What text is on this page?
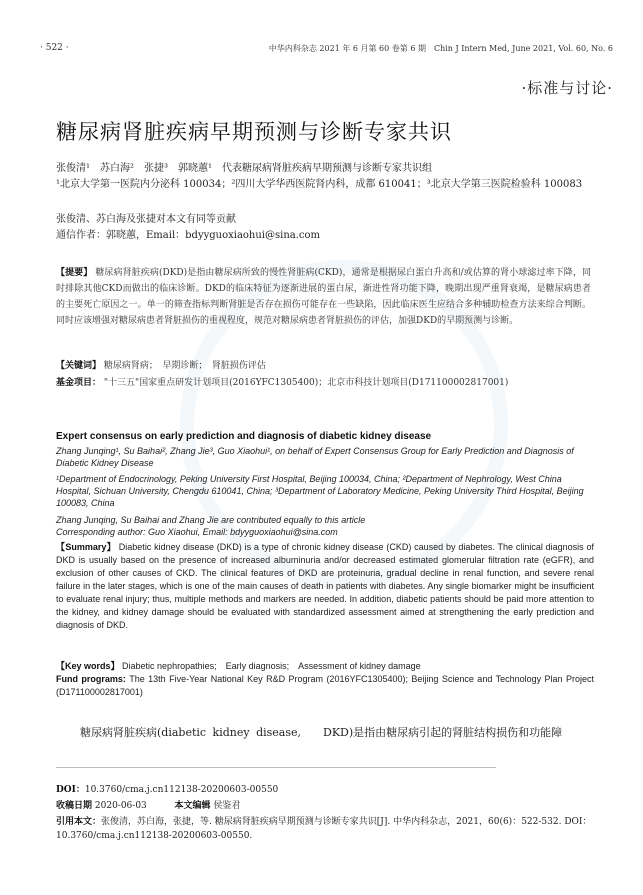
· 522 ·	中华内科杂志 2021 年 6 月第 60 卷第 6 期　Chin J Intern Med, June 2021, Vol. 60, No. 6
·标准与讨论·
糖尿病肾脏疾病早期预测与诊断专家共识
张俊清¹　苏白海²　张捷³　郭晓蕙¹　代表糖尿病肾脏疾病早期预测与诊断专家共识组
¹北京大学第一医院内分泌科 100034；²四川大学华西医院肾内科，成都 610041；³北京大学第三医院检验科 100083
张俊清、苏白海及张捷对本文有同等贡献
通信作者：郭晓蕙，Email：bdyyguoxiaohui@sina.com
【提要】 糖尿病肾脏疾病(DKD)是指由糖尿病所致的慢性肾脏病(CKD)，通常是根据尿白蛋白升高和/或估算的肾小球滤过率下降，同时排除其他CKD而做出的临床诊断。DKD的临床特征为逐渐进展的蛋白尿，渐进性肾功能下降，晚期出现严重肾衰竭，是糖尿病患者的主要死亡原因之一。单一的筛查指标判断肾脏是否存在损伤可能存在一些缺陷，因此临床医生应结合多种辅助检查方法来综合判断。同时应该增强对糖尿病患者肾脏损伤的重视程度，规范对糖尿病患者肾脏损伤的评估，加强DKD的早期预测与诊断。
【关键词】 糖尿病肾病；　早期诊断；　肾脏损伤评估
基金项目： "十三五"国家重点研发计划项目(2016YFC1305400)；北京市科技计划项目(D171100002817001)
Expert consensus on early prediction and diagnosis of diabetic kidney disease
Zhang Junqing¹, Su Baihai², Zhang Jie³, Guo Xiaohui¹, on behalf of Expert Consensus Group for Early Prediction and Diagnosis of Diabetic Kidney Disease
¹Department of Endocrinology, Peking University First Hospital, Beijing 100034, China; ²Department of Nephrology, West China Hospital, Sichuan University, Chengdu 610041, China; ³Department of Laboratory Medicine, Peking University Third Hospital, Beijing 100083, China
Zhang Junqing, Su Baihai and Zhang Jie are contributed equally to this article
Corresponding author: Guo Xiaohui, Email: bdyyguoxiaohui@sina.com
【Summary】 Diabetic kidney disease (DKD) is a type of chronic kidney disease (CKD) caused by diabetes. The clinical diagnosis of DKD is usually based on the presence of increased albuminuria and/or decreased estimated glomerular filtration rate (eGFR), and exclusion of other causes of CKD. The clinical features of DKD are proteinuria, gradual decline in renal function, and severe renal failure in the later stages, which is one of the main causes of death in patients with diabetes. Any single biomarker might be insufficient to evaluate renal injury; thus, multiple methods and markers are needed. In addition, diabetic patients should be paid more attention to the kidney, and kidney damage should be evaluated with standardized assessment aimed at strengthening the early prediction and diagnosis of DKD.
【Key words】 Diabetic nephropathies;　Early diagnosis;　Assessment of kidney damage
Fund programs: The 13th Five-Year National Key R&D Program (2016YFC1305400); Beijing Science and Technology Plan Project (D171100002817001)
糖尿病肾脏疾病(diabetic kidney disease,　　DKD)是指由糖尿病引起的肾脏结构损伤和功能障
DOI：10.3760/cma.j.cn112138-20200603-00550
收稿日期 2020-06-03	本文编辑 侯鉴君
引用本文：张俊清，苏白海，张捷，等. 糖尿病肾脏疾病早期预测与诊断专家共识[J]. 中华内科杂志，2021，60(6)：522-532. DOI：10.3760/cma.j.cn112138-20200603-00550.
